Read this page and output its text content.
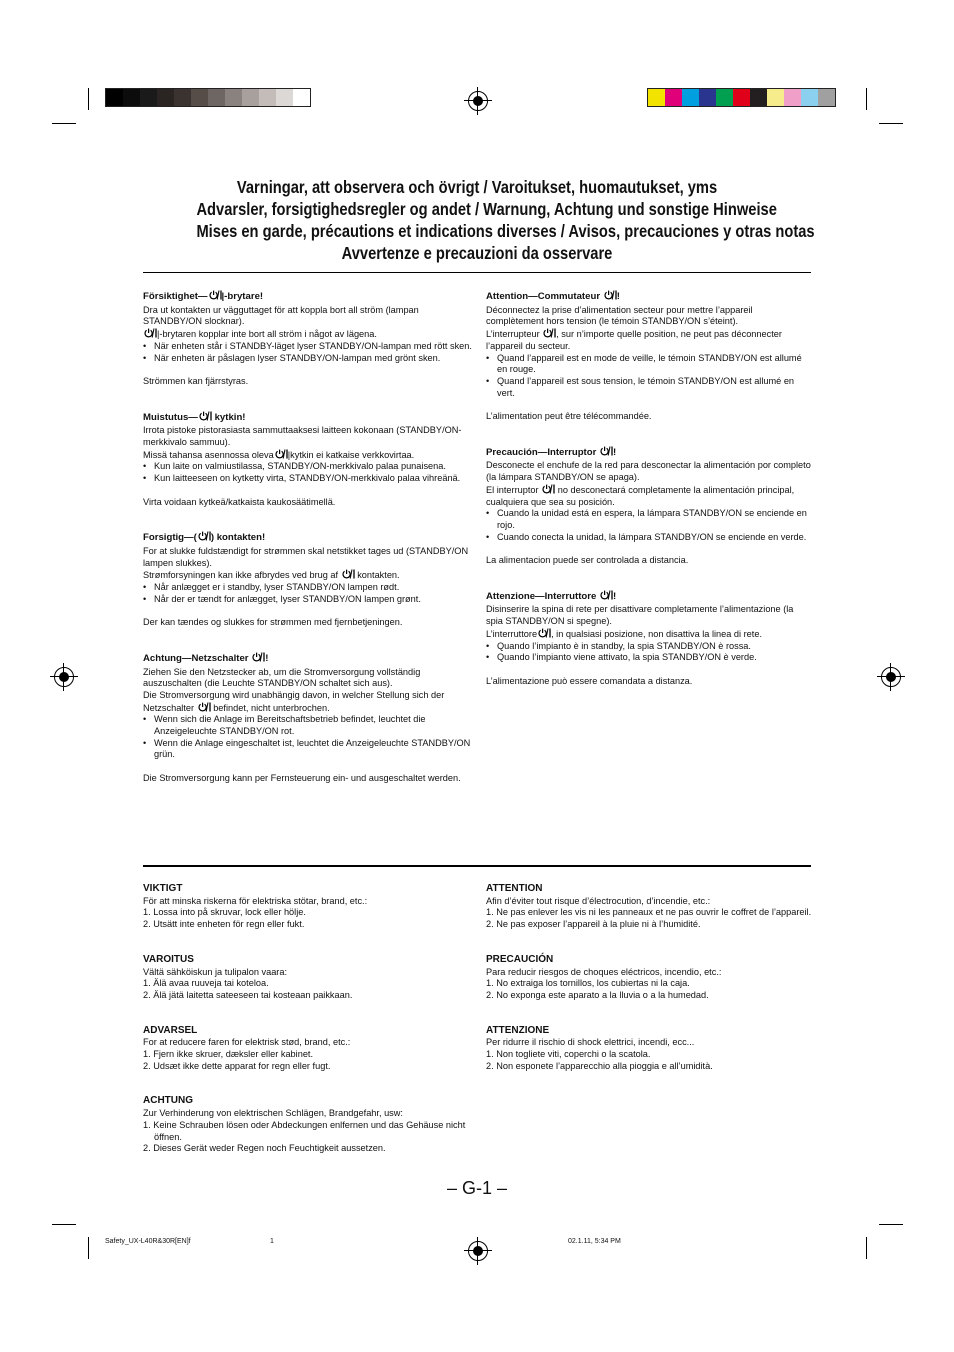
Varningar, att observera och övrigt / Varoitukset, huomautukset, yms
Advarsler, forsigtighedsregler og andet / Warnung, Achtung und sonstige Hinweise
Mises en garde, précautions et indications diverses / Avisos, precauciones y otras notas
Avvertenze e precauzioni da osservare
Försiktighet— |-brytare!

Dra ut kontakten ur vägguttaget för att koppla bort all ström (lampan STANDBY/ON slocknar).

|-brytaren kopplar inte bort all ström i något av lägena.

• När enheten står i STANDBY-läget lyser STANDBY/ON-lampan med rött sken.
• När enheten är påslagen lyser STANDBY/ON-lampan med grönt sken.

Strömmen kan fjärrstyras.

Muistutus— kytkin!

Irrota pistoke pistorasiasta sammuttaaksesi laitteen kokonaan (STANDBY/ON-merkkivalo sammuu).

Missä tahansa asennossa oleva |kytkin ei katkaise verkkovirtaa.

• Kun laite on valmiustilassa, STANDBY/ON-merkkivalo palaa punaisena.
• Kun laitteeseen on kytketty virta, STANDBY/ON-merkkivalo palaa vihreänä.

Virta voidaan kytkeä/katkaista kaukosäätimellä.

Forsigtig—( ) kontakten!

For at slukke fuldstændigt for strømmen skal netstikket tages ud (STANDBY/ON lampen slukkes).

Strømforsyningen kan ikke afbrydes ved brug af kontakten.

• Når anlægget er i standby, lyser STANDBY/ON lampen rødt.
• Når der er tændt for anlægget, lyser STANDBY/ON lampen grønt.

Der kan tændes og slukkes for strømmen med fjernbetjeningen.

Achtung—Netzschalter !

Ziehen Sie den Netzstecker ab, um die Stromversorgung vollständig auszuschalten (die Leuchte STANDBY/ON schaltet sich aus).

Die Stromversorgung wird unabhängig davon, in welcher Stellung sich der Netzschalter befindet, nicht unterbrochen.

• Wenn sich die Anlage im Bereitschaftsbetrieb befindet, leuchtet die Anzeigeleuchte STANDBY/ON rot.
• Wenn die Anlage eingeschaltet ist, leuchtet die Anzeigeleuchte STANDBY/ON grün.

Die Stromversorgung kann per Fernsteuerung ein- und ausgeschaltet werden.

Attention—Commutateur !

Déconnectez la prise d’alimentation secteur pour mettre l’appareil complètement hors tension (le témoin STANDBY/ON s’éteint).

L’interrupteur , sur n’importe quelle position, ne peut pas déconnecter l’appareil du secteur.

• Quand l’appareil est en mode de veille, le témoin STANDBY/ON est allumé en rouge.
• Quand l’appareil est sous tension, le témoin STANDBY/ON est allumé en vert.

L’alimentation peut être télécommandée.

Precaución—Interruptor !

Desconecte el enchufe de la red para desconectar la alimentación por completo (la lámpara STANDBY/ON se apaga).

El interruptor no desconectará completamente la alimentación principal, cualquiera que sea su posición.

• Cuando la unidad está en espera, la lámpara STANDBY/ON se enciende en rojo.
• Cuando conecta la unidad, la lámpara STANDBY/ON se enciende en verde.

La alimentacion puede ser controlada a distancia.

Attenzione—Interruttore !

Disinserire la spina di rete per disattivare completamente l’alimentazione (la spia STANDBY/ON si spegne).

L’interruttore , in qualsiasi posizione, non disattiva la linea di rete.

• Quando l’impianto è in standby, la spia STANDBY/ON è rossa.
• Quando l’impianto viene attivato, la spia STANDBY/ON è verde.

L’alimentazione può essere comandata a distanza.

VIKTIGT

För att minska riskerna för elektriska stötar, brand, etc.:

1. Lossa into på skruvar, lock eller hölje.
2. Utsätt inte enheten för regn eller fukt.
VAROITUS

Vältä sähköiskun ja tulipalon vaara:

1. Älä avaa ruuveja tai koteloa.
2. Älä jätä laitetta sateeseen tai kosteaan paikkaan.
ADVARSEL

For at reducere faren for elektrisk stød, brand, etc.:

1. Fjern ikke skruer, dæksler eller kabinet.
2. Udsæt ikke dette apparat for regn eller fugt.
ACHTUNG

Zur Verhinderung von elektrischen Schlägen, Brandgefahr, usw:

1. Keine Schrauben lösen oder Abdeckungen enlfernen und das Gehäuse nicht öffnen.
2. Dieses Gerät weder Regen noch Feuchtigkeit aussetzen.
ATTENTION

Afin d’éviter tout risque d’électrocution, d’incendie, etc.:

1. Ne pas enlever les vis ni les panneaux et ne pas ouvrir le coffret de l’appareil.
2. Ne pas exposer l’appareil à la pluie ni à l’humidité.
PRECAUCIÓN

Para reducir riesgos de choques eléctricos, incendio, etc.:

1. No extraiga los tornillos, los cubiertas ni la caja.
2. No exponga este aparato a la lluvia o a la humedad.
ATTENZIONE

Per ridurre il rischio di shock elettrici, incendi, ecc...

1. Non togliete viti, coperchi o la scatola.
2. Non esponete l’apparecchio alla pioggia e all’umidità.
– G-1 –
Safety_UX-L40R&30R[EN]f	1	02.1.11, 5:34 PM
